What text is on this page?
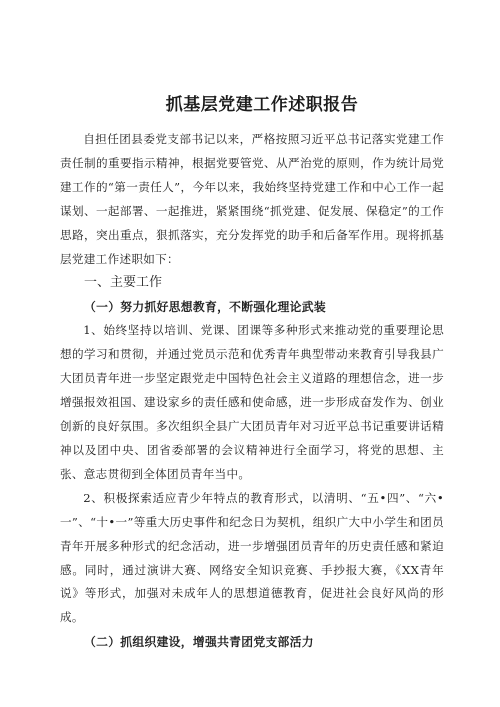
抓基层党建工作述职报告

自担任团县委党支部书记以来，严格按照习近平总书记落实党建工作责任制的重要指示精神，根据党要管党、从严治党的原则，作为统计局党建工作的“第一责任人”，今年以来，我始终坚持党建工作和中心工作一起谋划、一起部署、一起推进，紧紧围绕“抓党建、促发展、保稳定”的工作思路，突出重点，狠抓落实，充分发挥党的助手和后备军作用。现将抓基层党建工作述职如下：

一、主要工作
（一）努力抓好思想教育，不断强化理论武装

1、始终坚持以培训、党课、团课等多种形式来推动党的重要理论思想的学习和贯彻，并通过党员示范和优秀青年典型带动来教育引导我县广大团员青年进一步坚定跟党走中国特色社会主义道路的理想信念，进一步增强报效祖国、建设家乡的责任感和使命感，进一步形成奋发作为、创业创新的良好氛围。多次组织全县广大团员青年对习近平总书记重要讲话精神以及团中央、团省委部署的会议精神进行全面学习，将党的思想、主张、意志贯彻到全体团员青年当中。

2、积极探索适应青少年特点的教育形式，以清明、“五•四”、“六•一”、“十•一”等重大历史事件和纪念日为契机，组织广大中小学生和团员青年开展多种形式的纪念活动，进一步增强团员青年的历史责任感和紧迫感。同时，通过演讲大赛、网络安全知识竞赛、手抄报大赛，《XX青年说》等形式，加强对未成年人的思想道德教育，促进社会良好风尚的形成。

（二）抓组织建设，增强共青团党支部活力
